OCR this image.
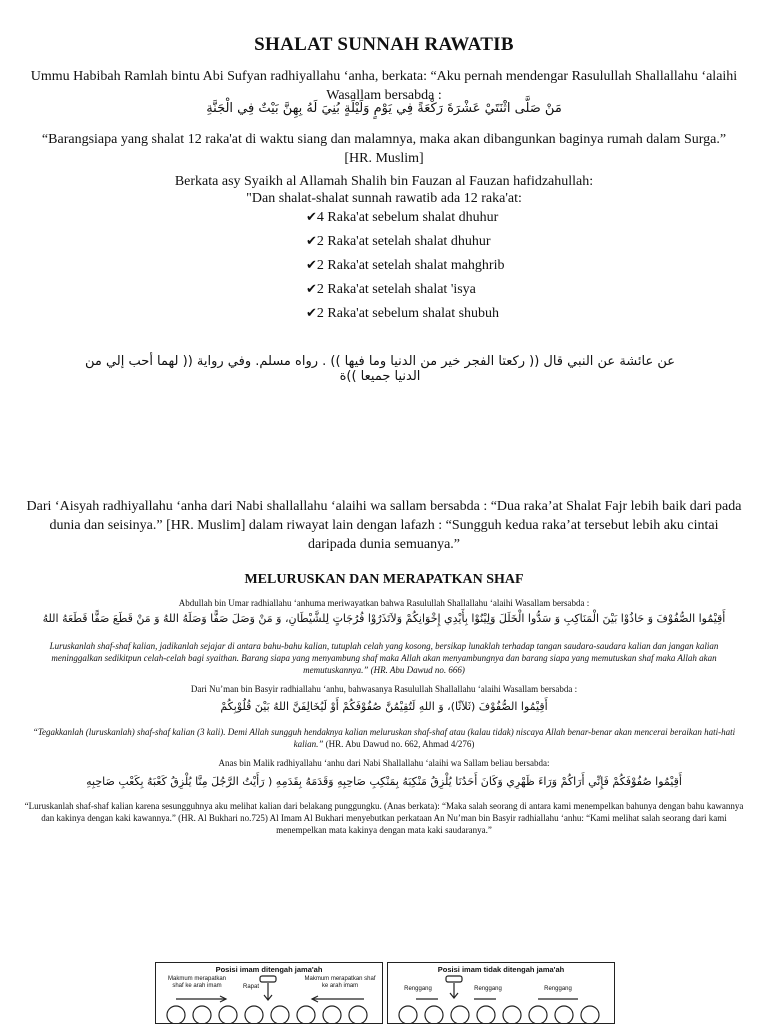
SHALAT SUNNAH RAWATIB
Ummu Habibah Ramlah bintu Abi Sufyan radhiyallahu ‘anha, berkata: “Aku pernah mendengar Rasulullah Shallallahu ‘alaihi Wasallam bersabda :
مَنْ صَلَّى اثْنَتَيْ عَشْرَةَ رَكْعَةً فِي يَوْمٍ وَلَيْلَةٍ بُنِيَ لَهُ بِهِنَّ بَيْتٌ فِي الْجَنَّةِ
“Barangsiapa yang shalat 12 raka'at di waktu siang dan malamnya, maka akan dibangunkan baginya rumah dalam Surga.” [HR. Muslim]
Berkata asy Syaikh al Allamah Shalih bin Fauzan al Fauzan hafidzahullah:
"Dan shalat-shalat sunnah rawatib ada 12 raka'at:
✔4 Raka'at sebelum shalat dhuhur
✔2 Raka'at setelah shalat dhuhur
✔2 Raka'at setelah shalat mahghrib
✔2 Raka'at setelah shalat 'isya
✔2 Raka'at sebelum shalat shubuh
عن عائشة عن النبي قال (( ركعتا الفجر خير من الدنيا وما فيها )) . رواه مسلم. وفي رواية (( لهما أحب إلي من الدنيا جميعا ))ة
Dari ‘Aisyah radhiyallahu ‘anha dari Nabi shallallahu ‘alaihi wa sallam bersabda : “Dua raka’at Shalat Fajr lebih baik dari pada dunia dan seisinya.” [HR. Muslim] dalam riwayat lain dengan lafazh : “Sungguh kedua raka’at tersebut lebih aku cintai daripada dunia semuanya.”
MELURUSKAN DAN MERAPATKAN SHAF
Abdullah bin Umar radhiallahu ‘anhuma meriwayatkan bahwa Rasulullah Shallallahu ‘alaihi Wasallam bersabda :
أَقِيْمُوا الصُّفُوْفَ وَ حَاذُوْا بَيْنَ الْمَنَاكِبِ وَ سَدُّوا الْخَلَلَ وَلِيْنُوْا بِأَيْدِي إِخْوَانِكُمْ وَلاَتَذَرُوْا فُرُجَاتٍ لِلشَّيْطَانِ، وَ مَنْ وَصَلَ صَفًّا وَصَلَهُ اللهُ وَ مَنْ قَطَعَ صَفًّا قَطَعَهُ اللهُ
Luruskanlah shaf-shaf kalian, jadikanlah sejajar di antara bahu-bahu kalian, tutuplah celah yang kosong, bersikap lunaklah terhadap tangan saudara-saudara kalian dan jangan kalian meninggalkan sedikitpun celah-celah bagi syaithan. Barang siapa yang menyambung shaf maka Allah akan menyambungnya dan barang siapa yang memutuskan shaf maka Allah akan memutuskannya.” (HR. Abu Dawud no. 666)
Dari Nu’man bin Basyir radhiallahu ‘anhu, bahwasanya Rasulullah Shallallahu ‘alaihi Wasallam bersabda :
أَقِيْمُوا الصُّفُوْفَ (ثَلاَثًا)، وَ اللهِ لَتُقِيْمُنَّ صُفُوْفَكُمْ أَوْ لَيُخَالِفَنَّ اللهُ بَيْنَ قُلُوْبِكُمْ
“Tegakkanlah (luruskanlah) shaf-shaf kalian (3 kali). Demi Allah sungguh hendaknya kalian meluruskan shaf-shaf atau (kalau tidak) niscaya Allah benar-benar akan mencerai beraikan hati-hati kalian.” (HR. Abu Dawud no. 662, Ahmad 4/276)
Anas bin Malik radhiyallahu ‘anhu dari Nabi Shallallahu ‘alaihi wa Sallam beliau bersabda:
أَقِيْمُوا صُفُوْفَكُمْ فَإِنِّي أَرَاكُمْ وَرَاءَ ظَهْرِي وَكَانَ أَحَدُنَا يُلْزِقُ مَنْكِبَهُ بِمَنْكِبِ صَاحِبِهِ وَقَدَمَهُ بِقَدَمِهِ ( رَأَيْتُ الرَّجُلَ مِنَّا يُلْزِقُ كَعْبَهُ بِكَعْبِ صَاحِبِهِ
“Luruskanlah shaf-shaf kalian karena sesungguhnya aku melihat kalian dari belakang punggungku. (Anas berkata): “Maka salah seorang di antara kami menempelkan bahunya dengan bahu kawannya dan kakinya dengan kaki kawannya.” (HR. Al Bukhari no.725) Al Imam Al Bukhari menyebutkan perkataan An Nu’man bin Basyir radhiallahu ‘anhu: “Kami melihat salah seorang dari kami menempelkan mata kakinya dengan mata kaki saudaranya.”
Posisi imam ditengah jama'ah
Makmum merapatkan shaf ke arah imam	Rapat
Makmum merapatkan shaf ke arah imam
Posisi imam tidak ditengah jama'ah
Renggang	Renggang	Renggang
